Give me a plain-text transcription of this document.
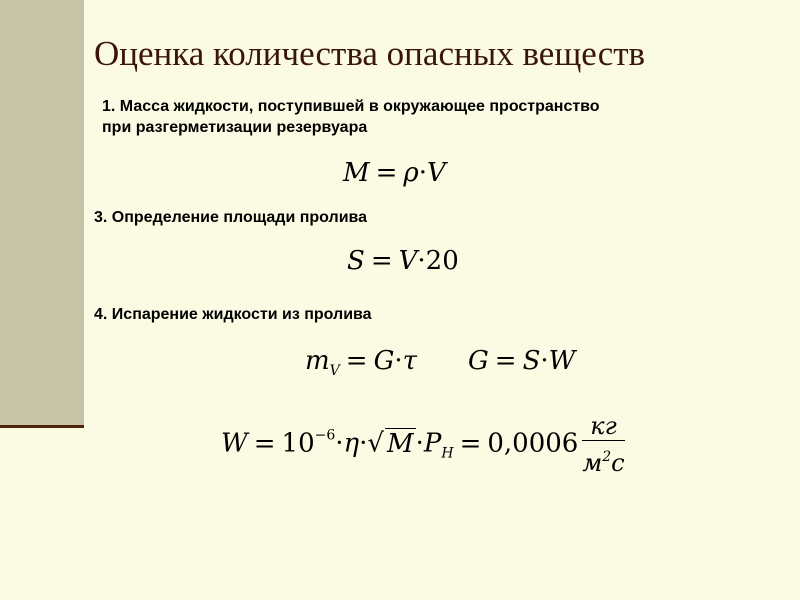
Оценка количества опасных веществ
1. Масса жидкости, поступившей в окружающее пространство
при разгерметизации резервуара
M = ρ·V
3. Определение площади пролива
S = V·20
4. Испарение жидкости из пролива
$m_V = G\cdot\tau$ G = S·W
$W = 10^{-6}\cdot\eta\cdot√$ $M\cdot P_Н = 0,0006 \frac{кг}{м^2с}$
